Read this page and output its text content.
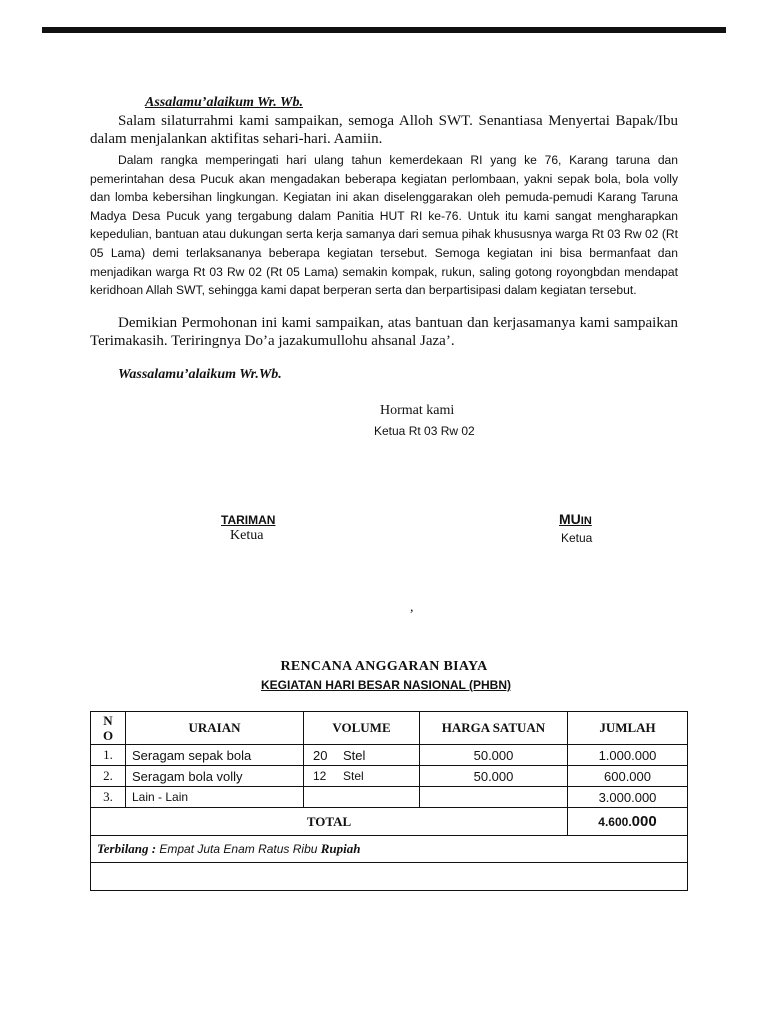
Assalamu’alaikum Wr. Wb.
Salam silaturrahmi kami sampaikan, semoga Alloh SWT. Senantiasa Menyertai Bapak/Ibu dalam menjalankan aktifitas sehari-hari. Aamiin.
Dalam rangka memperingati hari ulang tahun kemerdekaan RI yang ke 76, Karang taruna dan pemerintahan desa Pucuk akan mengadakan beberapa kegiatan perlombaan, yakni sepak bola, bola volly dan lomba kebersihan lingkungan. Kegiatan ini akan diselenggarakan oleh pemuda-pemudi Karang Taruna Madya Desa Pucuk yang tergabung dalam Panitia HUT RI ke-76. Untuk itu kami sangat mengharapkan kepedulian, bantuan atau dukungan serta kerja samanya dari semua pihak khususnya warga Rt 03 Rw 02 (Rt 05 Lama) demi terlaksananya beberapa kegiatan tersebut. Semoga kegiatan ini bisa bermanfaat dan menjadikan warga Rt 03 Rw 02 (Rt 05 Lama) semakin kompak, rukun, saling gotong royongbdan mendapat keridhoan Allah SWT, sehingga kami dapat berperan serta dan berpartisipasi dalam kegiatan tersebut.
Demikian Permohonan ini kami sampaikan, atas bantuan dan kerjasamanya kami sampaikan Terimakasih. Teriringnya Do’a jazakumullohu ahsanal Jaza’.
Wassalamu’alaikum Wr.Wb.
Hormat kami
Ketua Rt 03 Rw 02
TARIMAN
Ketua
MUIN
Ketua
,
RENCANA ANGGARAN BIAYA
KEGIATAN HARI BESAR NASIONAL (PHBN)
N
O	URAIAN	VOLUME	HARGA SATUAN	JUMLAH
1.	Seragam sepak bola	20 Stel	50.000	1.000.000
2.	Seragam bola volly	12 Stel	50.000	600.000
3.	Lain - Lain			3.000.000
TOTAL				4.600.000
Terbilang : Empat Juta Enam Ratus Ribu Rupiah				
